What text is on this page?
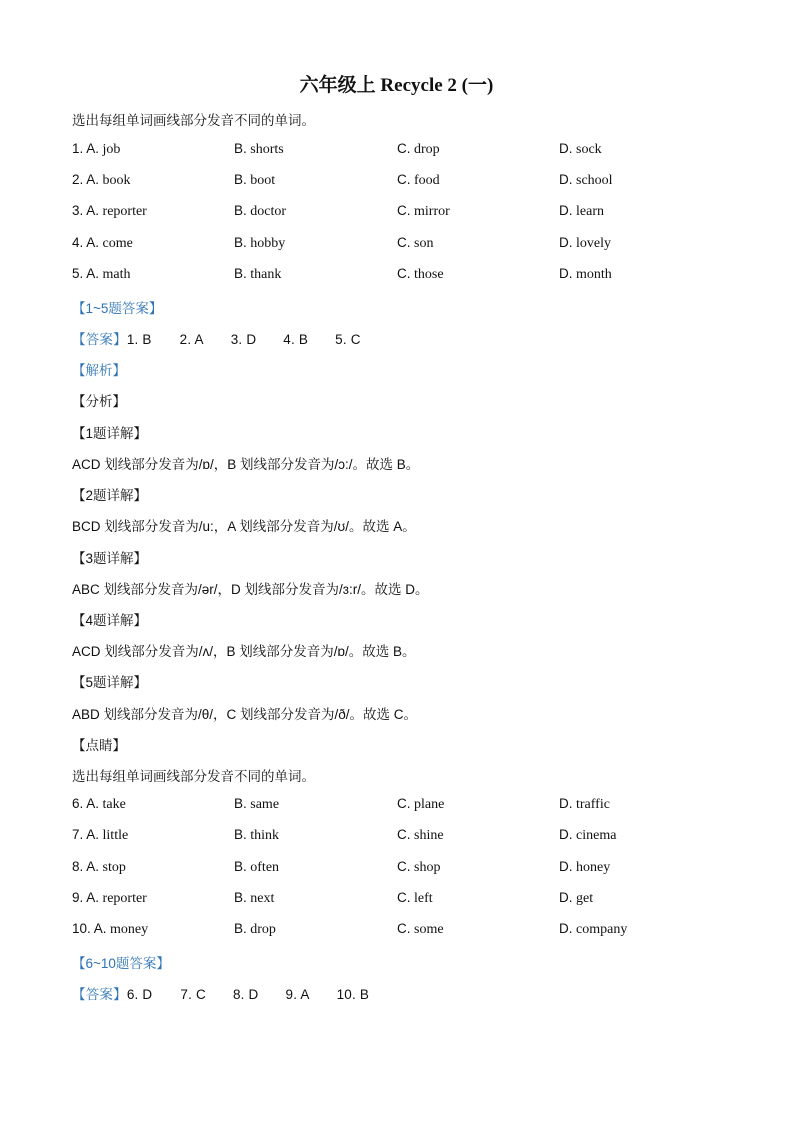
六年级上 Recycle 2 (一)
选出每组单词画线部分发音不同的单词。
1. A. job	B. shorts	C. drop	D. sock
2. A. book	B. boot	C. food	D. school
3. A. reporter	B. doctor	C. mirror	D. learn
4. A. come	B. hobby	C. son	D. lovely
5. A. math	B. thank	C. those	D. month
【1~5题答案】
【答案】1. B 2. A 3. D 4. B 5. C
【解析】
【分析】
【1题详解】
ACD 划线部分发音为/ɒ/，B 划线部分发音为/ɔ:/。故选 B。
【2题详解】
BCD 划线部分发音为/u:，A 划线部分发音为/ʊ/。故选 A。
【3题详解】
ABC 划线部分发音为/ər/，D 划线部分发音为/ɜ:r/。故选 D。
【4题详解】
ACD 划线部分发音为/ʌ/，B 划线部分发音为/ɒ/。故选 B。
【5题详解】
ABD 划线部分发音为/θ/，C 划线部分发音为/ð/。故选 C。
【点睛】
选出每组单词画线部分发音不同的单词。
6. A. take	B. same	C. plane	D. traffic
7. A. little	B. think	C. shine	D. cinema
8. A. stop	B. often	C. shop	D. honey
9. A. reporter	B. next	C. left	D. get
10. A. money	B. drop	C. some	D. company
【6~10题答案】
【答案】6. D 7. C 8. D 9. A 10. B
